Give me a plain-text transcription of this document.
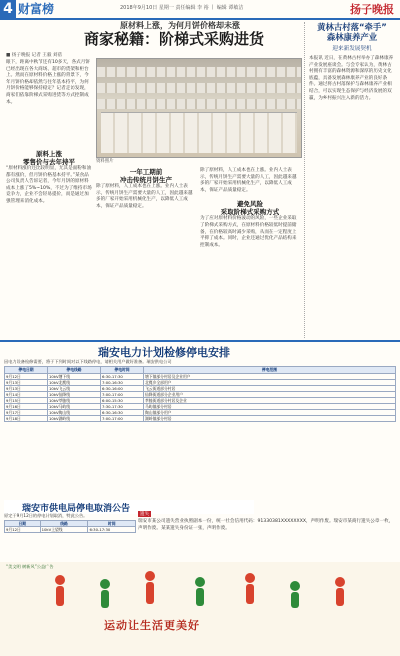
4 财富榜	2018年9月10日 星期一 责任编辑 李 裕 丨 编辑 谭敏洁	扬子晚报
原材料上涨，为何月饼价格却未涨
商家秘籍：阶梯式采购进货
■ 扬子晚报 记者 王毅 刘蓓
眼下，距离中秋节还有10多天，各式月饼已经出现在各大商场、超市的货架和柜台上。然而在原材料价格上涨的背景下，今年月饼价格却依然与往年基本持平，为何月饼价格能够保持稳定？记者走访发现，商家们依靠阶梯式采购进货等方式控制成本。
资料照片
原料上涨
零售价与去年持平
“原材料涨价还比较明显，尤其是面粉和油都有涨价，但月饼价格基本持平。”某食品公司负责人告诉记者，今年月饼的原材料成本上涨了5%~10%，不过为了维持市场竞争力，企业不会轻易提价，而是通过加强管理来消化成本。
一年工期前
冲击传统月饼生产
除了原材料，人工成本也在上涨。业内人士表示，传统月饼生产需要大量的人工，因此越来越多的厂家开始采用机械化生产，以降低人工成本，保证产品质量稳定。
除了原材料，人工成本也在上涨。业内人士表示，传统月饼生产需要大量的人工，因此越来越多的厂家开始采用机械化生产，以降低人工成本，保证产品质量稳定。
避免风险
采取阶梯式采购方式
为了应对原材料价格波动的风险，一些企业采取了阶梯式采购方式，在原材料价格较低时提前储备，在价格较高时减少采购，从而在一定程度上平抑了成本。同时，企业还通过优化产品结构来控制成本。
黄林古村落“牵手”
森林康养产业
迎来新发展契机
本报讯 近日，在黄林古村举办了森林康养产业发展座谈会。与会专家认为，黄林古村拥有丰富的森林资源和深厚的历史文化底蕴，具备发展森林康养产业的良好条件。通过将古村落保护与森林康养产业相结合，可以实现生态保护与经济发展的双赢，为乡村振兴注入新的活力。
瑞安电力计划检修停电安排
因电力设备检修需要，将于下列时间对以下线路停电，请相关用户做好准备。瑞安供电公司
停电日期	停电线路	停电时间	停电范围
9月12日	10kV塘下线	6:30-17:30	塘下镇部分村居及企业用户
9月13日	10kV北麂线	7:00-16:30	北麂乡全部用户
9月13日	10kV飞云线	6:30-16:00	飞云街道部分村居
9月14日	10kV仙降线	7:00-17:00	仙降街道部分企业用户
9月15日	10kV莘塍线	6:00-15:30	莘塍街道部分村居及企业
9月16日	10kV马屿线	7:30-17:30	马屿镇部分村居
9月17日	10kV陶山线	6:30-16:30	陶山镇部分用户
9月18日	10kV湖岭线	7:00-17:00	湖岭镇部分村居
瑞安市供电局停电取消公告
原定于9月12日的停电计划取消，特此公告。
日期	线路	时间
9月12日	10kV上望线	6:30-17:30
遗失
瑞安市某公司遗失营业执照副本一份，统一社会信用代码：91330381XXXXXXXX，声明作废。瑞安市某商行遗失公章一枚，声明作废。某某遗失身份证一张，声明作废。
“美文明 树新风”公益广告
运动让生活更美好
